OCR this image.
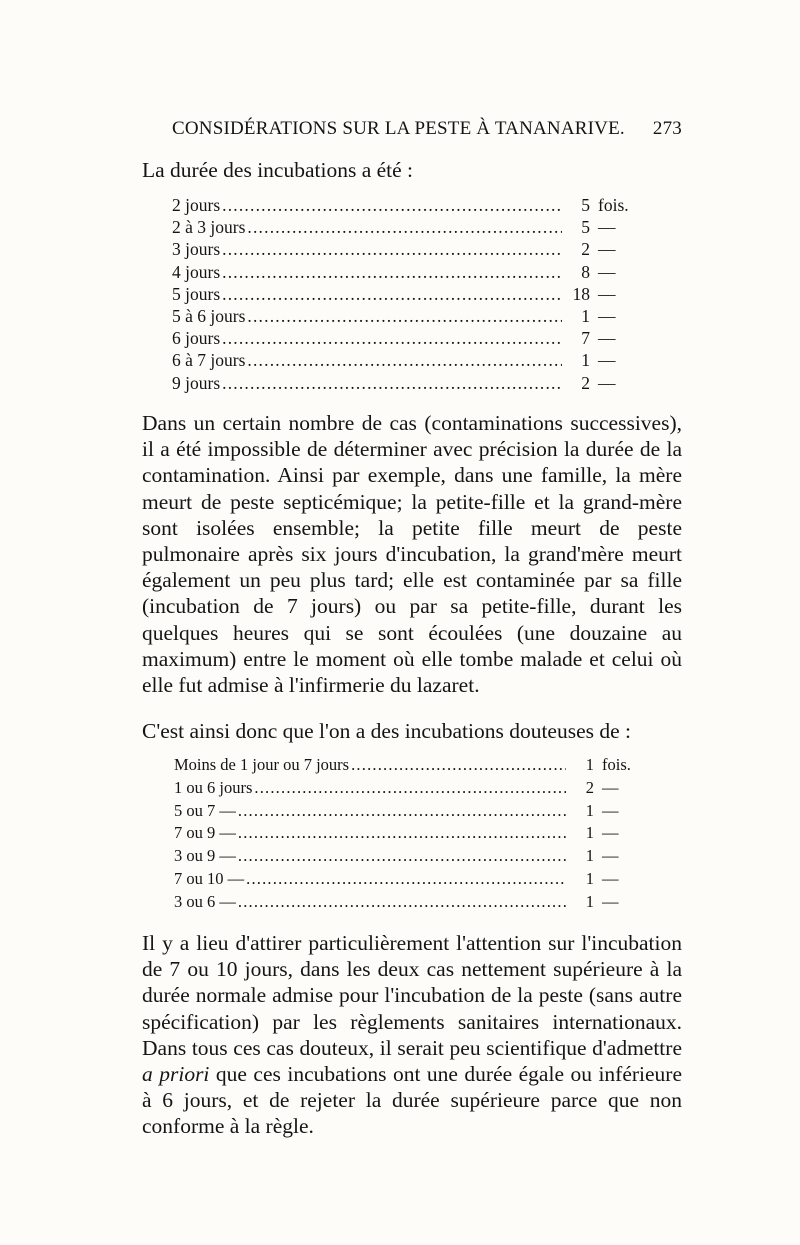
CONSIDÉRATIONS SUR LA PESTE À TANANARIVE. 273
La durée des incubations a été :
2 jours .....	5 fois.
2 à 3 jours .....	5 —
3 jours .....	2 —
4 jours .....	8 —
5 jours .....	18 —
5 à 6 jours .....	1 —
6 jours .....	7 —
6 à 7 jours .....	1 —
9 jours .....	2 —
Dans un certain nombre de cas (contaminations successives), il a été impossible de déterminer avec précision la durée de la contamination. Ainsi par exemple, dans une famille, la mère meurt de peste septicémique; la petite-fille et la grand-mère sont isolées ensemble; la petite fille meurt de peste pulmonaire après six jours d'incubation, la grand'mère meurt également un peu plus tard; elle est contaminée par sa fille (incubation de 7 jours) ou par sa petite-fille, durant les quelques heures qui se sont écoulées (une douzaine au maximum) entre le moment où elle tombe malade et celui où elle fut admise à l'infirmerie du lazaret.
C'est ainsi donc que l'on a des incubations douteuses de :
Moins de 1 jour ou 7 jours .....	1 fois.
1 ou 6 jours .....	2 —
5 ou 7 — .....	1 —
7 ou 9 — .....	1 —
3 ou 9 — .....	1 —
7 ou 10 — .....	1 —
3 ou 6 — .....	1 —
Il y a lieu d'attirer particulièrement l'attention sur l'incubation de 7 ou 10 jours, dans les deux cas nettement supérieure à la durée normale admise pour l'incubation de la peste (sans autre spécification) par les règlements sanitaires internationaux. Dans tous ces cas douteux, il serait peu scientifique d'admettre a priori que ces incubations ont une durée égale ou inférieure à 6 jours, et de rejeter la durée supérieure parce que non conforme à la règle.
